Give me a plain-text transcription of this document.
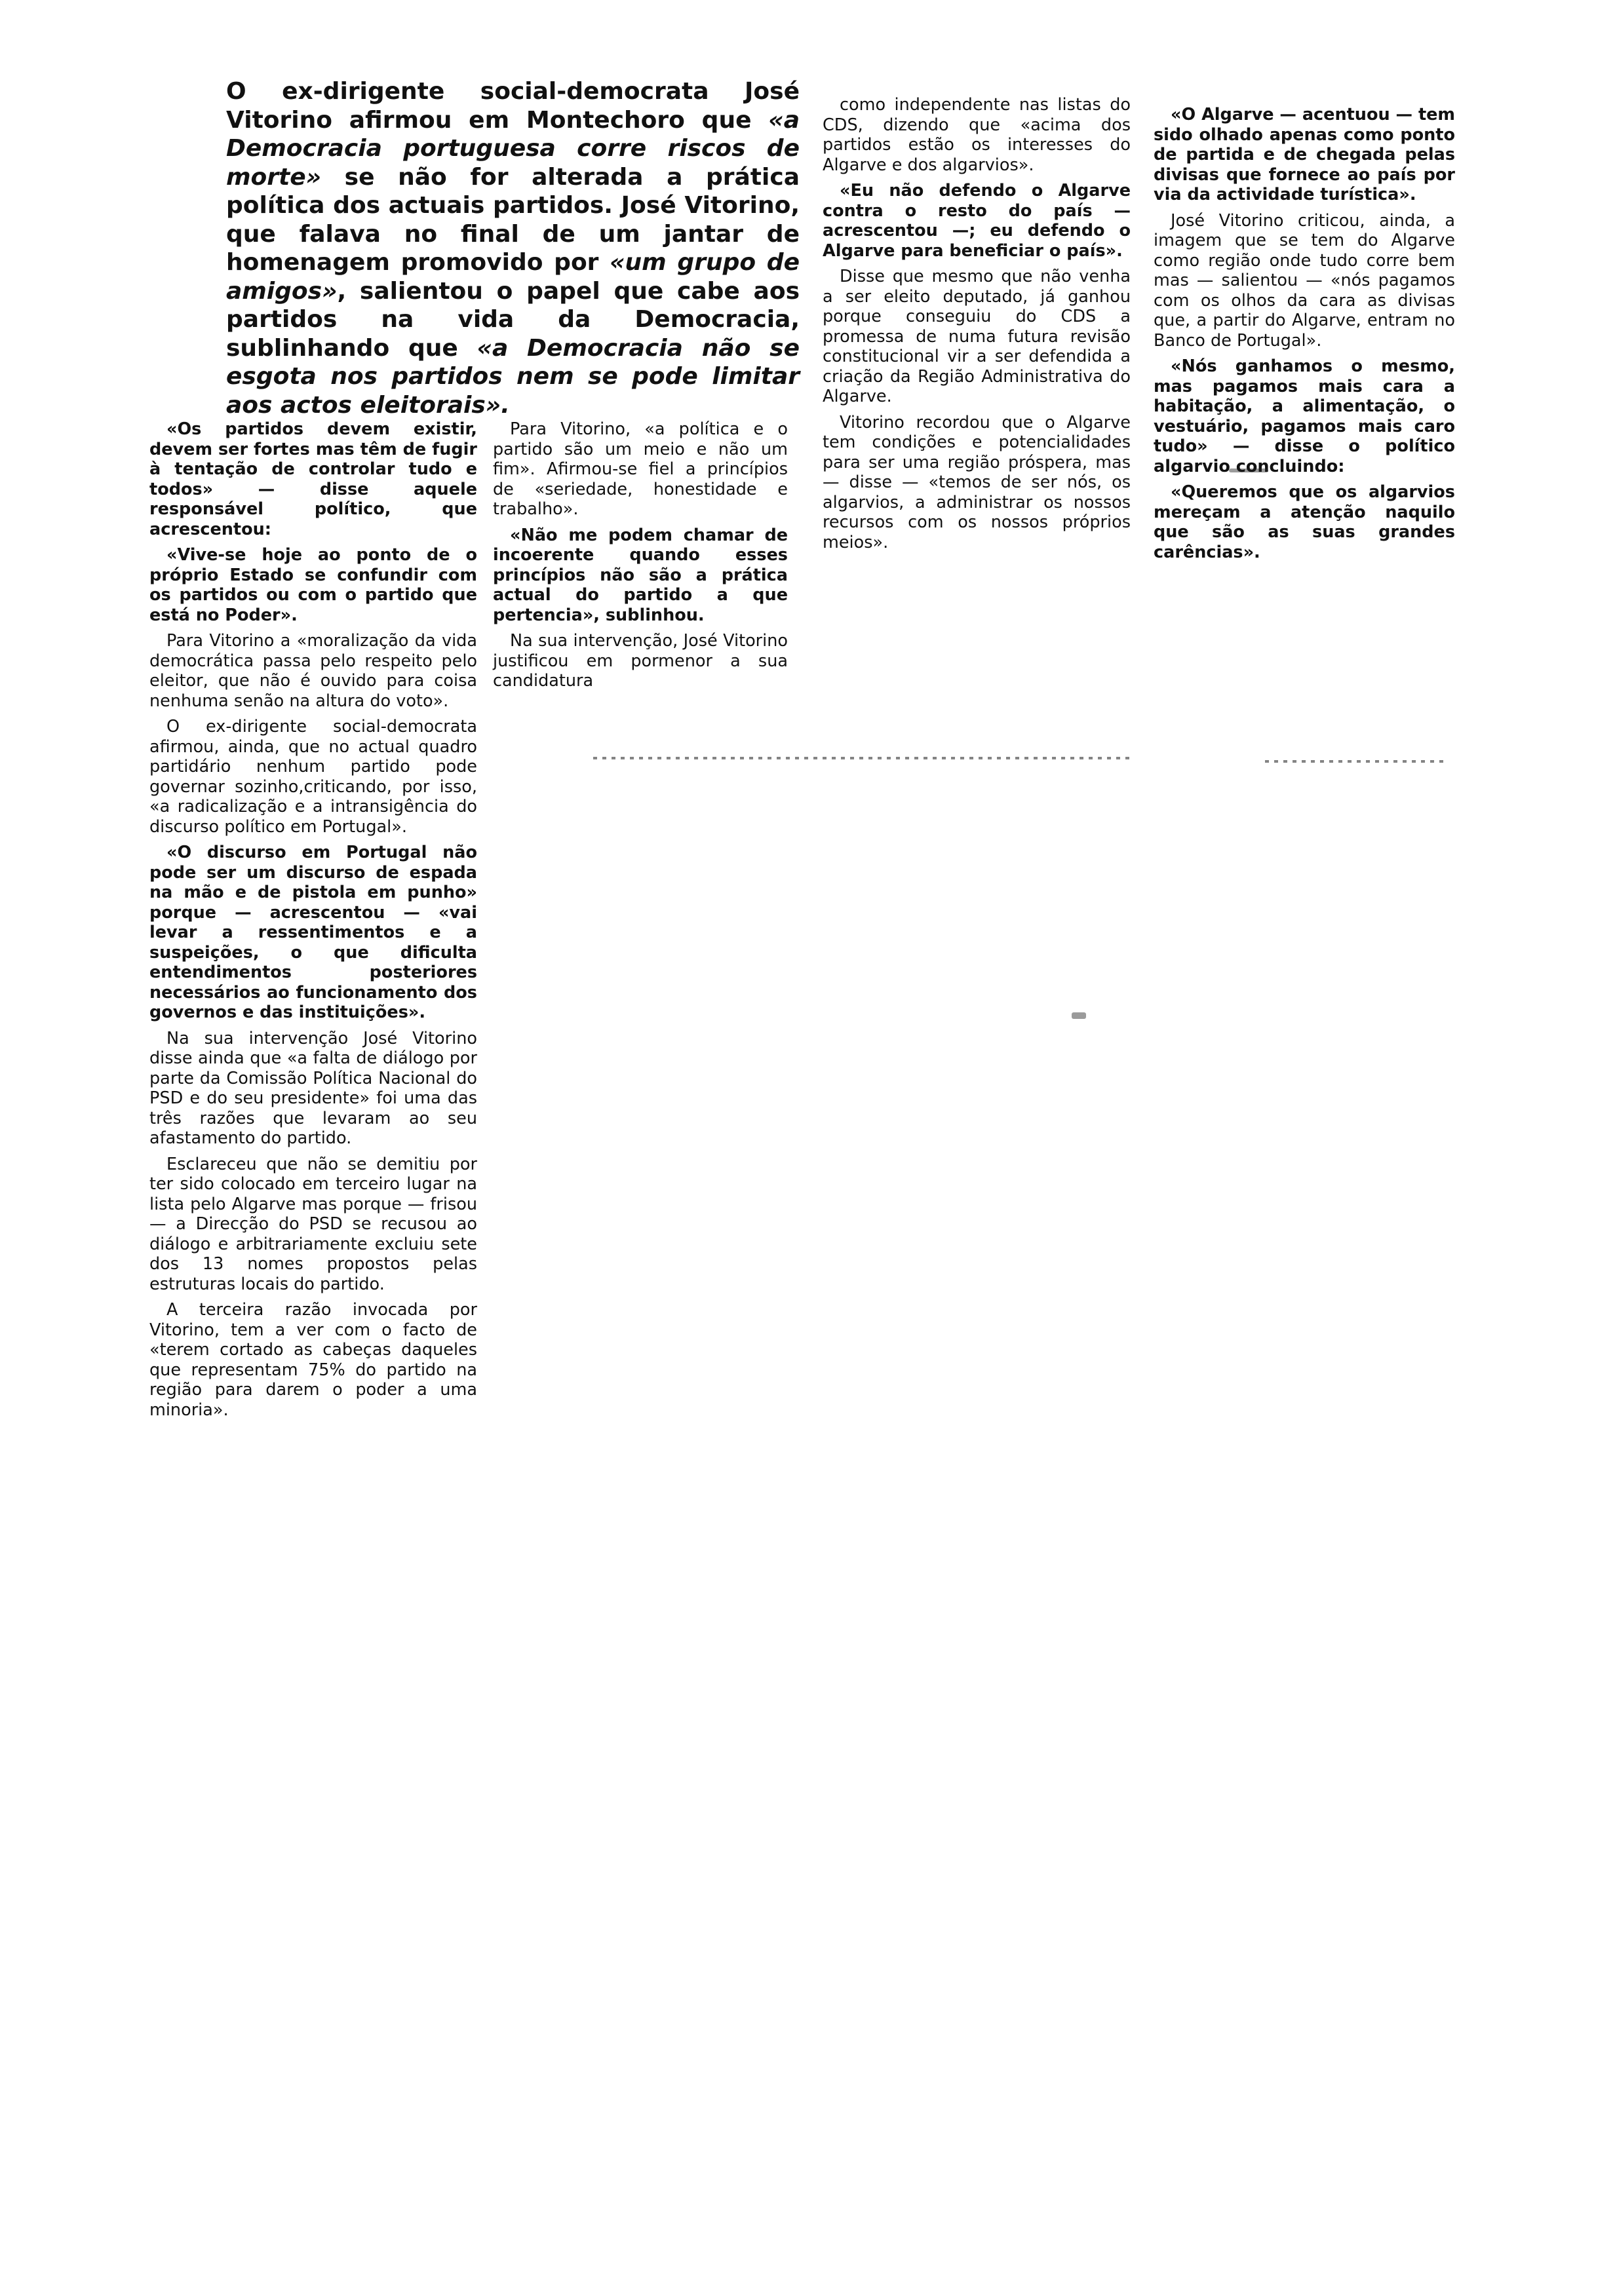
O ex-dirigente social-democrata José Vitorino afirmou em Montechoro que «a Democracia portuguesa corre riscos de morte» se não for alterada a prática política dos actuais partidos. José Vitorino, que falava no final de um jantar de homenagem promovido por «um grupo de amigos», salientou o papel que cabe aos partidos na vida da Democracia, sublinhando que «a Democracia não se esgota nos partidos nem se pode limitar aos actos eleitorais».

«Os partidos devem existir, devem ser fortes mas têm de fugir à tentação de controlar tudo e todos» — disse aquele responsável político, que acrescentou:

«Vive-se hoje ao ponto de o próprio Estado se confundir com os partidos ou com o partido que está no Poder».

Para Vitorino a «moralização da vida democrática passa pelo respeito pelo eleitor, que não é ouvido para coisa nenhuma senão na altura do voto».

O ex-dirigente social-democrata afirmou, ainda, que no actual quadro partidário nenhum partido pode governar sozinho,criticando, por isso, «a radicalização e a intransigência do discurso político em Portugal».

«O discurso em Portugal não pode ser um discurso de espada na mão e de pistola em punho» porque — acrescentou — «vai levar a ressentimentos e a suspeições, o que dificulta entendimentos posteriores necessários ao funcionamento dos governos e das instituições».

Na sua intervenção José Vitorino disse ainda que «a falta de diálogo por parte da Comissão Política Nacional do PSD e do seu presidente» foi uma das três razões que levaram ao seu afastamento do partido.

Esclareceu que não se demitiu por ter sido colocado em terceiro lugar na lista pelo Algarve mas porque — frisou — a Direcção do PSD se recusou ao diálogo e arbitrariamente excluiu sete dos 13 nomes propostos pelas estruturas locais do partido.

A terceira razão invocada por Vitorino, tem a ver com o facto de «terem cortado as cabeças daqueles que representam 75% do partido na região para darem o poder a uma minoria».

Para Vitorino, «a política e o partido são um meio e não um fim». Afirmou-se fiel a princípios de «seriedade, honestidade e trabalho».

«Não me podem chamar de incoerente quando esses princípios não são a prática actual do partido a que pertencia», sublinhou.

Na sua intervenção, José Vitorino justificou em pormenor a sua candidatura

como independente nas listas do CDS, dizendo que «acima dos partidos estão os interesses do Algarve e dos algarvios».

«Eu não defendo o Algarve contra o resto do país — acrescentou —; eu defendo o Algarve para beneficiar o país».

Disse que mesmo que não venha a ser eleito deputado, já ganhou porque conseguiu do CDS a promessa de numa futura revisão constitucional vir a ser defendida a criação da Região Administrativa do Algarve.

Vitorino recordou que o Algarve tem condições e potencialidades para ser uma região próspera, mas — disse — «temos de ser nós, os algarvios, a administrar os nossos recursos com os nossos próprios meios».

«O Algarve — acentuou — tem sido olhado apenas como ponto de partida e de chegada pelas divisas que fornece ao país por via da actividade turística».

José Vitorino criticou, ainda, a imagem que se tem do Algarve como região onde tudo corre bem mas — salientou — «nós pagamos com os olhos da cara as divisas que, a partir do Algarve, entram no Banco de Portugal».

«Nós ganhamos o mesmo, mas pagamos mais cara a habitação, a alimentação, o vestuário, pagamos mais caro tudo» — disse o político algarvio concluindo:

«Queremos que os algarvios mereçam a atenção naquilo que são as suas grandes carências».
